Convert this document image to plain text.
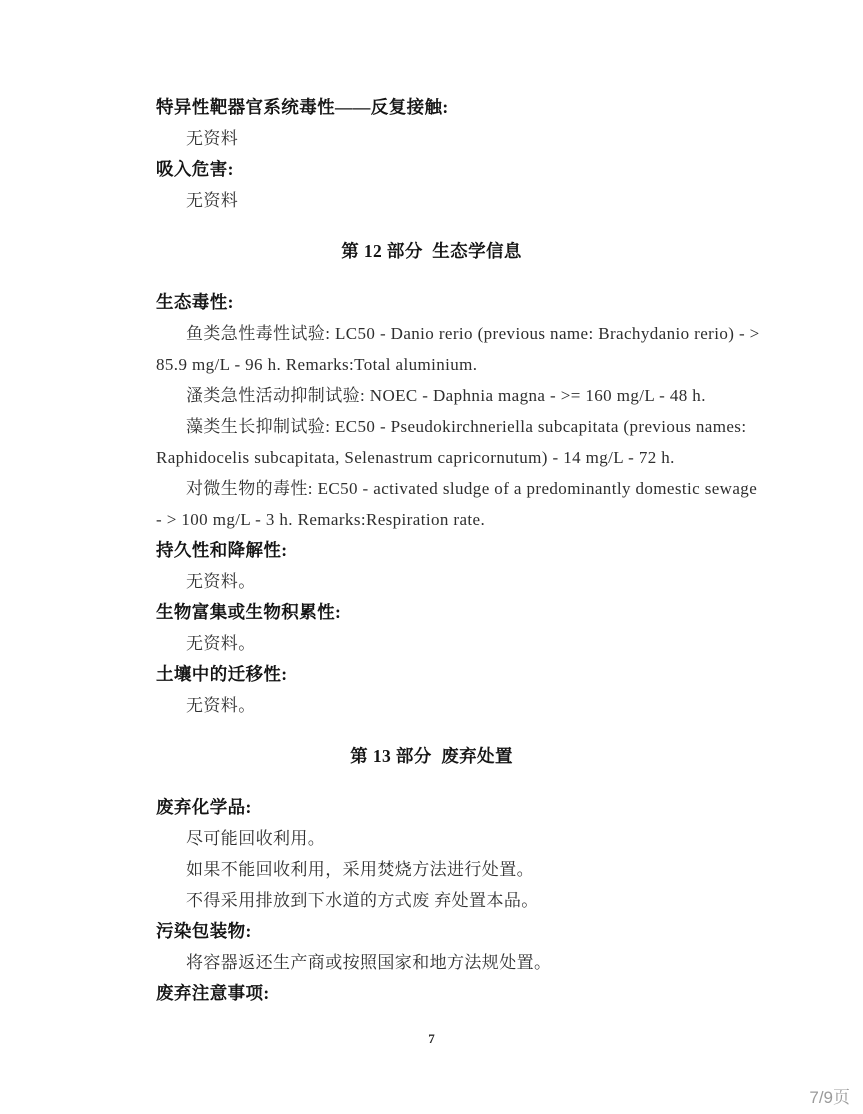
特异性靶器官系统毒性——反复接触:
无资料
吸入危害:
无资料
第 12 部分  生态学信息
生态毒性:
鱼类急性毒性试验: LC50 - Danio rerio (previous name: Brachydanio rerio) - >
85.9 mg/L - 96 h. Remarks:Total aluminium.
溞类急性活动抑制试验: NOEC - Daphnia magna - >= 160 mg/L - 48 h.
藻类生长抑制试验: EC50 - Pseudokirchneriella subcapitata (previous names:
Raphidocelis subcapitata, Selenastrum capricornutum) - 14 mg/L - 72 h.
对微生物的毒性: EC50 - activated sludge of a predominantly domestic sewage
- > 100 mg/L - 3 h. Remarks:Respiration rate.
持久性和降解性:
无资料。
生物富集或生物积累性:
无资料。
土壤中的迁移性:
无资料。
第 13 部分  废弃处置
废弃化学品:
尽可能回收利用。
如果不能回收利用，采用焚烧方法进行处置。
不得采用排放到下水道的方式废 弃处置本品。
污染包装物:
将容器返还生产商或按照国家和地方法规处置。
废弃注意事项:
7
7/9页
